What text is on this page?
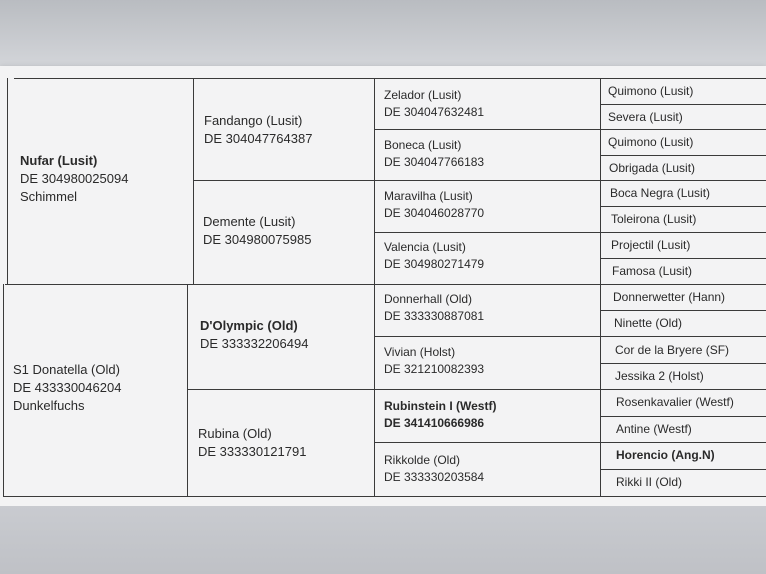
Nufar (Lusit)
DE 304980025094
Schimmel
S1 Donatella (Old)
DE 433330046204
Dunkelfuchs
Fandango (Lusit)
DE 304047764387
Demente (Lusit)
DE 304980075985
D'Olympic (Old)
DE 333332206494
Rubina (Old)
DE 333330121791
Zelador (Lusit)
DE 304047632481
Boneca (Lusit)
DE 304047766183
Maravilha (Lusit)
DE 304046028770
Valencia (Lusit)
DE 304980271479
Donnerhall (Old)
DE 333330887081
Vivian (Holst)
DE 321210082393
Rubinstein I (Westf)
DE 341410666986
Rikkolde (Old)
DE 333330203584
Quimono (Lusit)
Severa (Lusit)
Quimono (Lusit)
Obrigada (Lusit)
Boca Negra (Lusit)
Toleirona (Lusit)
Projectil (Lusit)
Famosa (Lusit)
Donnerwetter (Hann)
Ninette (Old)
Cor de la Bryere (SF)
Jessika 2 (Holst)
Rosenkavalier (Westf)
Antine (Westf)
Horencio (Ang.N)
Rikki II (Old)
